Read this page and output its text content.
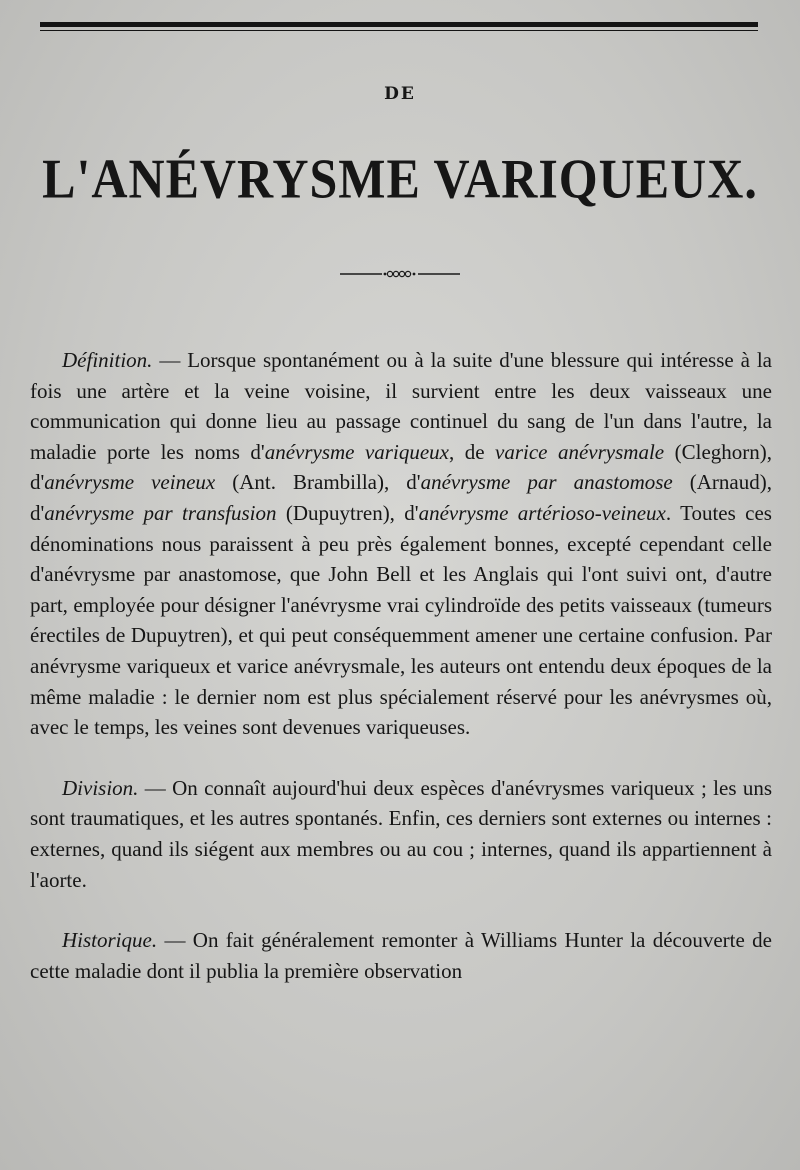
DE
L'ANÉVRYSME VARIQUEUX.

Définition. — Lorsque spontanément ou à la suite d'une blessure qui intéresse à la fois une artère et la veine voisine, il survient entre les deux vaisseaux une communication qui donne lieu au passage continuel du sang de l'un dans l'autre, la maladie porte les noms d'anévrysme variqueux, de varice anévrysmale (Cleghorn), d'anévrysme veineux (Ant. Brambilla), d'anévrysme par anastomose (Arnaud), d'anévrysme par transfusion (Dupuytren), d'anévrysme artérioso-veineux. Toutes ces dénominations nous paraissent à peu près également bonnes, excepté cependant celle d'anévrysme par anastomose, que John Bell et les Anglais qui l'ont suivi ont, d'autre part, employée pour désigner l'anévrysme vrai cylindroïde des petits vaisseaux (tumeurs érectiles de Dupuytren), et qui peut conséquemment amener une certaine confusion. Par anévrysme variqueux et varice anévrysmale, les auteurs ont entendu deux époques de la même maladie : le dernier nom est plus spécialement réservé pour les anévrysmes où, avec le temps, les veines sont devenues variqueuses.

Division. — On connaît aujourd'hui deux espèces d'anévrysmes variqueux ; les uns sont traumatiques, et les autres spontanés. Enfin, ces derniers sont externes ou internes : externes, quand ils siégent aux membres ou au cou ; internes, quand ils appartiennent à l'aorte.

Historique. — On fait généralement remonter à Williams Hunter la découverte de cette maladie dont il publia la première observation
